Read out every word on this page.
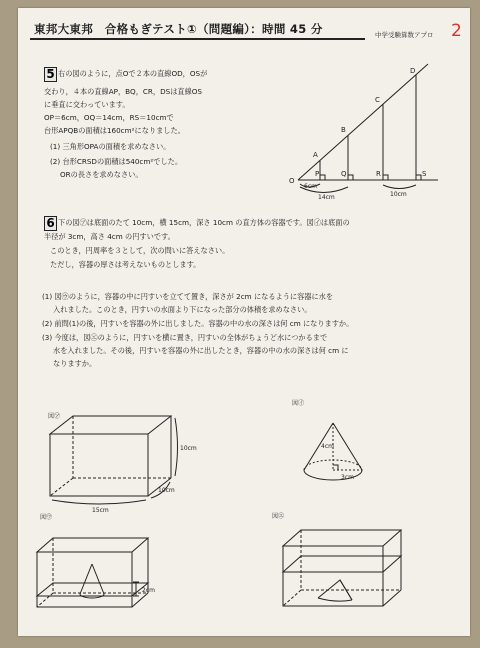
東邦大東邦　合格もぎテスト①（問題編）：時間 45 分	中学受験算数アプロ 2
5 右の図のように，点Oで２本の直線OD，OSが
交わり，４本の直線AP，BQ，CR，DSは直線OS
に垂直に交わっています。
OP＝6cm，OQ＝14cm，RS＝10cmで
台形APQBの面積は160cm²になりました。
(1) 三角形OPAの面積を求めなさい。
(2) 台形CRSDの面積は540cm²でした。
ORの長さを求めなさい。
O
P	Q	R	S
A
B
C
D
6cm
14cm	10cm
6 下の図㋐は底面のたて 10cm，横 15cm，深さ 10cm の直方体の容器です。図㋑は底面の
半径が 3cm，高さ 4cm の円すいです。
このとき，円周率を３として，次の問いに答えなさい。
ただし，容器の厚さは考えないものとします。
(1) 図㋒のように，容器の中に円すいを立てて置き，深さが 2cm になるように容器に水を
入れました。このとき，円すいの水面より下になった部分の体積を求めなさい。
(2) 前問(1)の後，円すいを容器の外に出しました。容器の中の水の深さは何 cm になりますか。
(3) 今度は，図㋓のように，円すいを横に置き，円すいの全体がちょうど水につかるまで
水を入れました。その後，円すいを容器の外に出したとき，容器の中の水の深さは何 cm に
なりますか。
図㋐
15cm
10cm
10cm
図㋑
4cm
3cm
図㋒
2cm
図㋓
